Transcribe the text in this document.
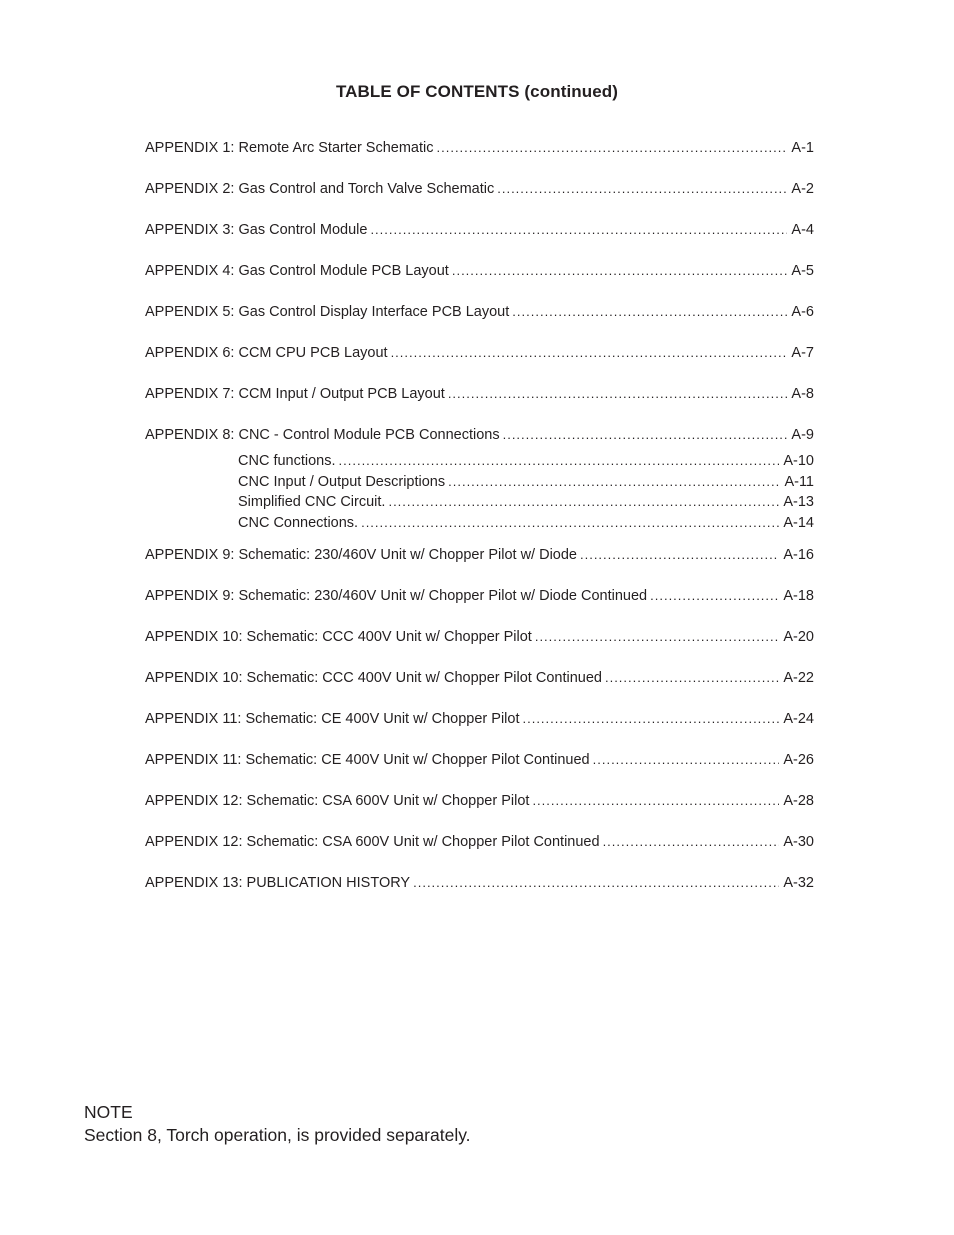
TABLE OF CONTENTS (continued)
APPENDIX 1: Remote Arc Starter Schematic .....	A-1
APPENDIX 2: Gas Control and Torch Valve Schematic .....	A-2
APPENDIX 3: Gas Control Module .....	A-4
APPENDIX 4: Gas Control Module PCB Layout .....	A-5
APPENDIX 5: Gas Control Display Interface PCB Layout .....	A-6
APPENDIX 6: CCM CPU PCB Layout .....	A-7
APPENDIX 7: CCM Input / Output PCB Layout .....	A-8
APPENDIX 8: CNC - Control Module PCB Connections .....	A-9
CNC functions. .....	A-10
CNC Input / Output Descriptions .....	A-11
Simplified CNC Circuit. .....	A-13
CNC Connections. .....	A-14
APPENDIX 9: Schematic: 230/460V Unit w/ Chopper Pilot w/ Diode .....	A-16
APPENDIX 9: Schematic: 230/460V Unit w/ Chopper Pilot w/ Diode Continued .....	A-18
APPENDIX 10: Schematic: CCC 400V Unit w/ Chopper Pilot .....	A-20
APPENDIX 10: Schematic: CCC 400V Unit w/ Chopper Pilot Continued .....	A-22
APPENDIX 11: Schematic: CE 400V Unit w/ Chopper Pilot .....	A-24
APPENDIX 11: Schematic: CE 400V Unit w/ Chopper Pilot Continued .....	A-26
APPENDIX 12: Schematic: CSA 600V Unit w/ Chopper Pilot .....	A-28
APPENDIX 12: Schematic: CSA 600V Unit w/ Chopper Pilot Continued .....	A-30
APPENDIX 13: PUBLICATION HISTORY .....	A-32
NOTE
Section 8, Torch operation, is provided separately.
